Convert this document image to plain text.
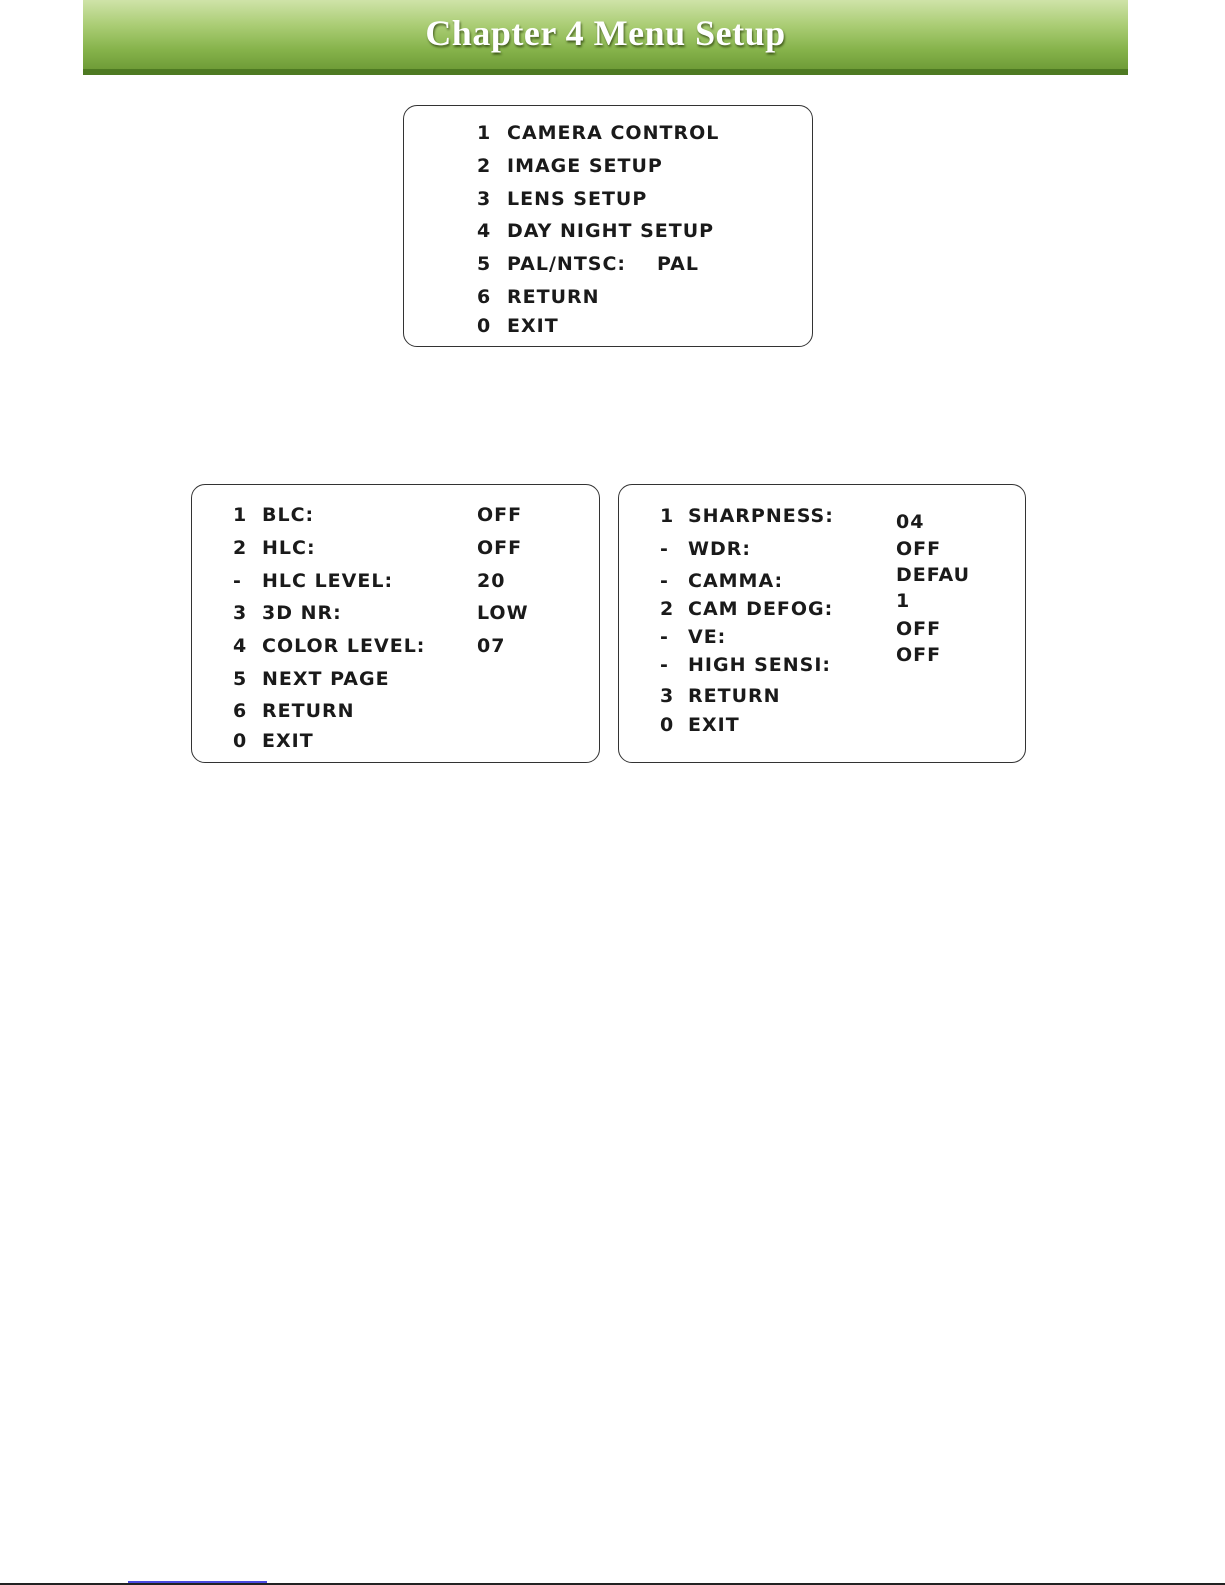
Chapter 4 Menu Setup
1 CAMERA CONTROL
2 IMAGE SETUP
3 LENS SETUP
4 DAY NIGHT SETUP
5 PAL/NTSC: PAL
6 RETURN
0 EXIT
1 BLC:	OFF
2 HLC:	OFF
- HLC LEVEL:	20
3 3D NR:	LOW
4 COLOR LEVEL:	07
5 NEXT PAGE
6 RETURN
0 EXIT
1 SHARPNESS:	04
- WDR:	OFF
- CAMMA:	DEFAU
2 CAM DEFOG:	1
- VE:	OFF
- HIGH SENSI:	OFF
3 RETURN
0 EXIT
